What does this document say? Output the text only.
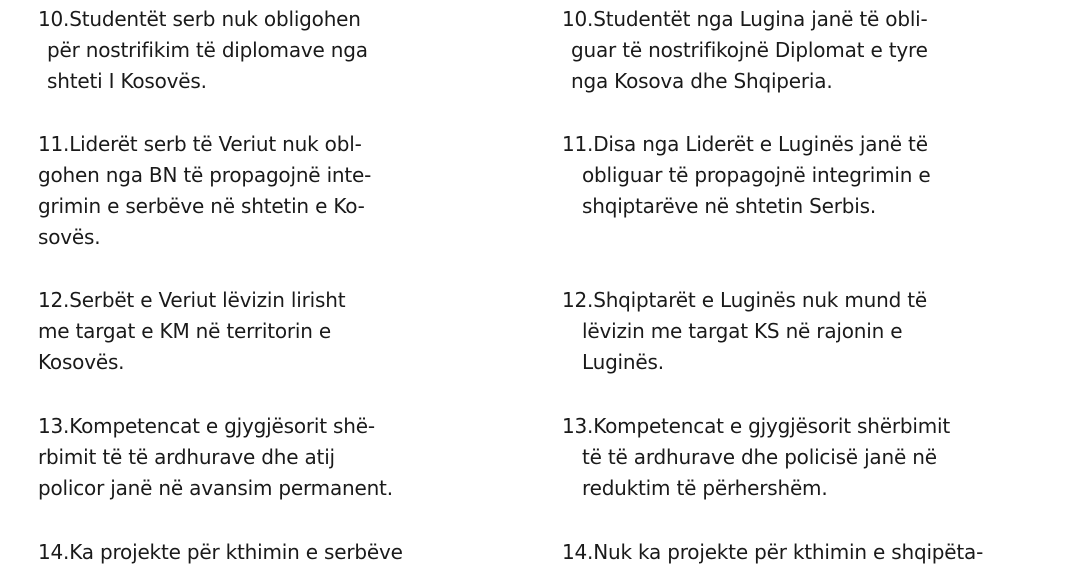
10.Studentët serb nuk obligohen
për nostrifikim të diplomave nga
shteti I Kosovës.
11.Liderët serb të Veriut nuk obl-
gohen nga BN të propagojnë inte-
grimin e serbëve në shtetin e Ko-
sovës.
12.Serbët e Veriut lëvizin lirisht
me targat e KM në territorin e
Kosovës.
13.Kompetencat e gjygjësorit shë-
rbimit të të ardhurave dhe atij
policor janë në avansim permanent.
14.Ka projekte për kthimin e serbëve
10.Studentët nga Lugina janë të obli-
guar të nostrifikojnë Diplomat e tyre
nga Kosova dhe Shqiperia.
11.Disa nga Liderët e Luginës janë të
obliguar të propagojnë integrimin e
shqiptarëve në shtetin Serbis.
12.Shqiptarët e Luginës nuk mund të
lëvizin me targat KS në rajonin e
Luginës.
13.Kompetencat e gjygjësorit shërbimit
të të ardhurave dhe policisë janë në
reduktim të përhershëm.
14.Nuk ka projekte për kthimin e shqipëta-
